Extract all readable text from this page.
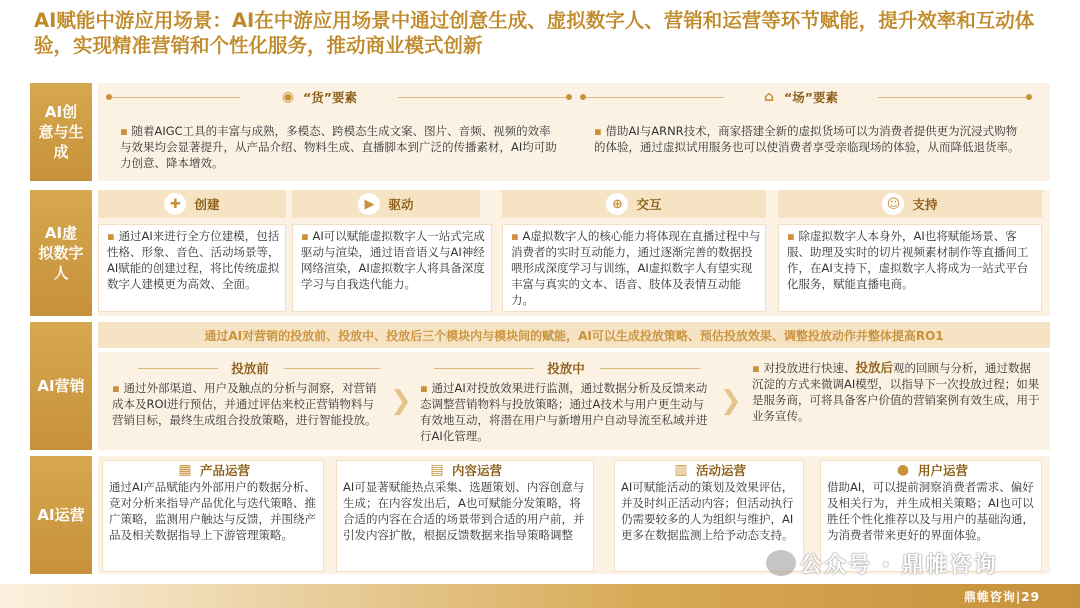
AI赋能中游应用场景：AI在中游应用场景中通过创意生成、虚拟数字人、营销和运营等环节赋能，提升效率和互动体验，实现精准营销和个性化服务，推动商业模式创新
AI创意与生成
◉ “货”要素	⌂ “场”要素
▪ 随着AIGC工具的丰富与成熟，多模态、跨模态生成文案、图片、音频、视频的效率与效果均会显著提升，从产品介绍、物料生成、直播脚本到广泛的传播素材，AI均可助力创意、降本增效。
▪ 借助AI与ARNR技术，商家搭建全新的虚拟货场可以为消费者提供更为沉浸式购物的体验，通过虚拟试用服务也可以使消费者享受亲临现场的体验，从而降低退货率。
AI虚拟数字人
✚	创建	▶	驱动	⊕	交互	☺ 支持
▪ 通过AI来进行全方位建模，包括性格、形象、音色、活动场景等，AI赋能的创建过程，将比传统虚拟数字人建模更为高效、全面。
▪ AI可以赋能虚拟数字人一站式完成驱动与渲染，通过语音语义与AI神经网络渲染，AI虚拟数字人将具备深度学习与自我迭代能力。
▪ A虚拟数字人的核心能力将体现在直播过程中与消费者的实时互动能力，通过逐渐完善的数据投喂形成深度学习与训练，AI虚拟数字人有望实现丰富与真实的文本、语音、肢体及表情互动能力。
▪ 除虚拟数字人本身外，AI也将赋能场景、客服、助理及实时的切片视频素材制作等直播间工作，在AI支持下，虚拟数字人将成为一站式平台化服务，赋能直播电商。
AI营销
通过AI对营销的投放前、投放中、投放后三个模块内与模块间的赋能，AI可以生成投放策略、预估投放效果、调整投放动作并整体提高RO1
投放前
▪ 通过外部渠道、用户及触点的分析与洞察，对营销成本及ROI进行预估，并通过评估来校正营销物料与营销目标，最终生成组合投放策略，进行智能投放。
❯
投放中
▪ 通过AI对投放效果进行监测，通过数据分析及反馈来动态调整营销物料与投放策略；通过A技术与用户更生动与有效地互动，将潜在用户与新增用户自动导流至私域并进行AI化管理。
❯
▪ 对投放进行快速、投放后观的回顾与分析，通过数据沉淀的方式来微调AI模型，以指导下一次投放过程；如果是服务商，可将具备客户价值的营销案例有效生成，用于业务宣传。
AI运营
▦ 产品运营
通过AI产品赋能内外部用户的数据分析、竞对分析来指导产品优化与迭代策略、推广策略，监测用户触达与反馈，并围绕产品及相关数据指导上下游管理策略。
▤ 内容运营
AI可显著赋能热点采集、选题策划、内容创意与生成；在内容发出后，A也可赋能分发策略，将合适的内容在合适的场景带到合适的用户前，并引发内容扩散，根据反馈数据来指导策略调整
▥ 活动运营
AI可赋能活动的策划及效果评估，并及时纠正活动内容；但活动执行仍需要较多的人为组织与维护，AI更多在数据监测上给予动态支持。
● 用户运营
借助AI，可以提前洞察消费者需求、偏好及相关行为，并生成相关策略；AI也可以胜任个性化推荐以及与用户的基础沟通，为消费者带来更好的界面体验。
公众号 · 鼎帷咨询
鼎帷咨询|29
